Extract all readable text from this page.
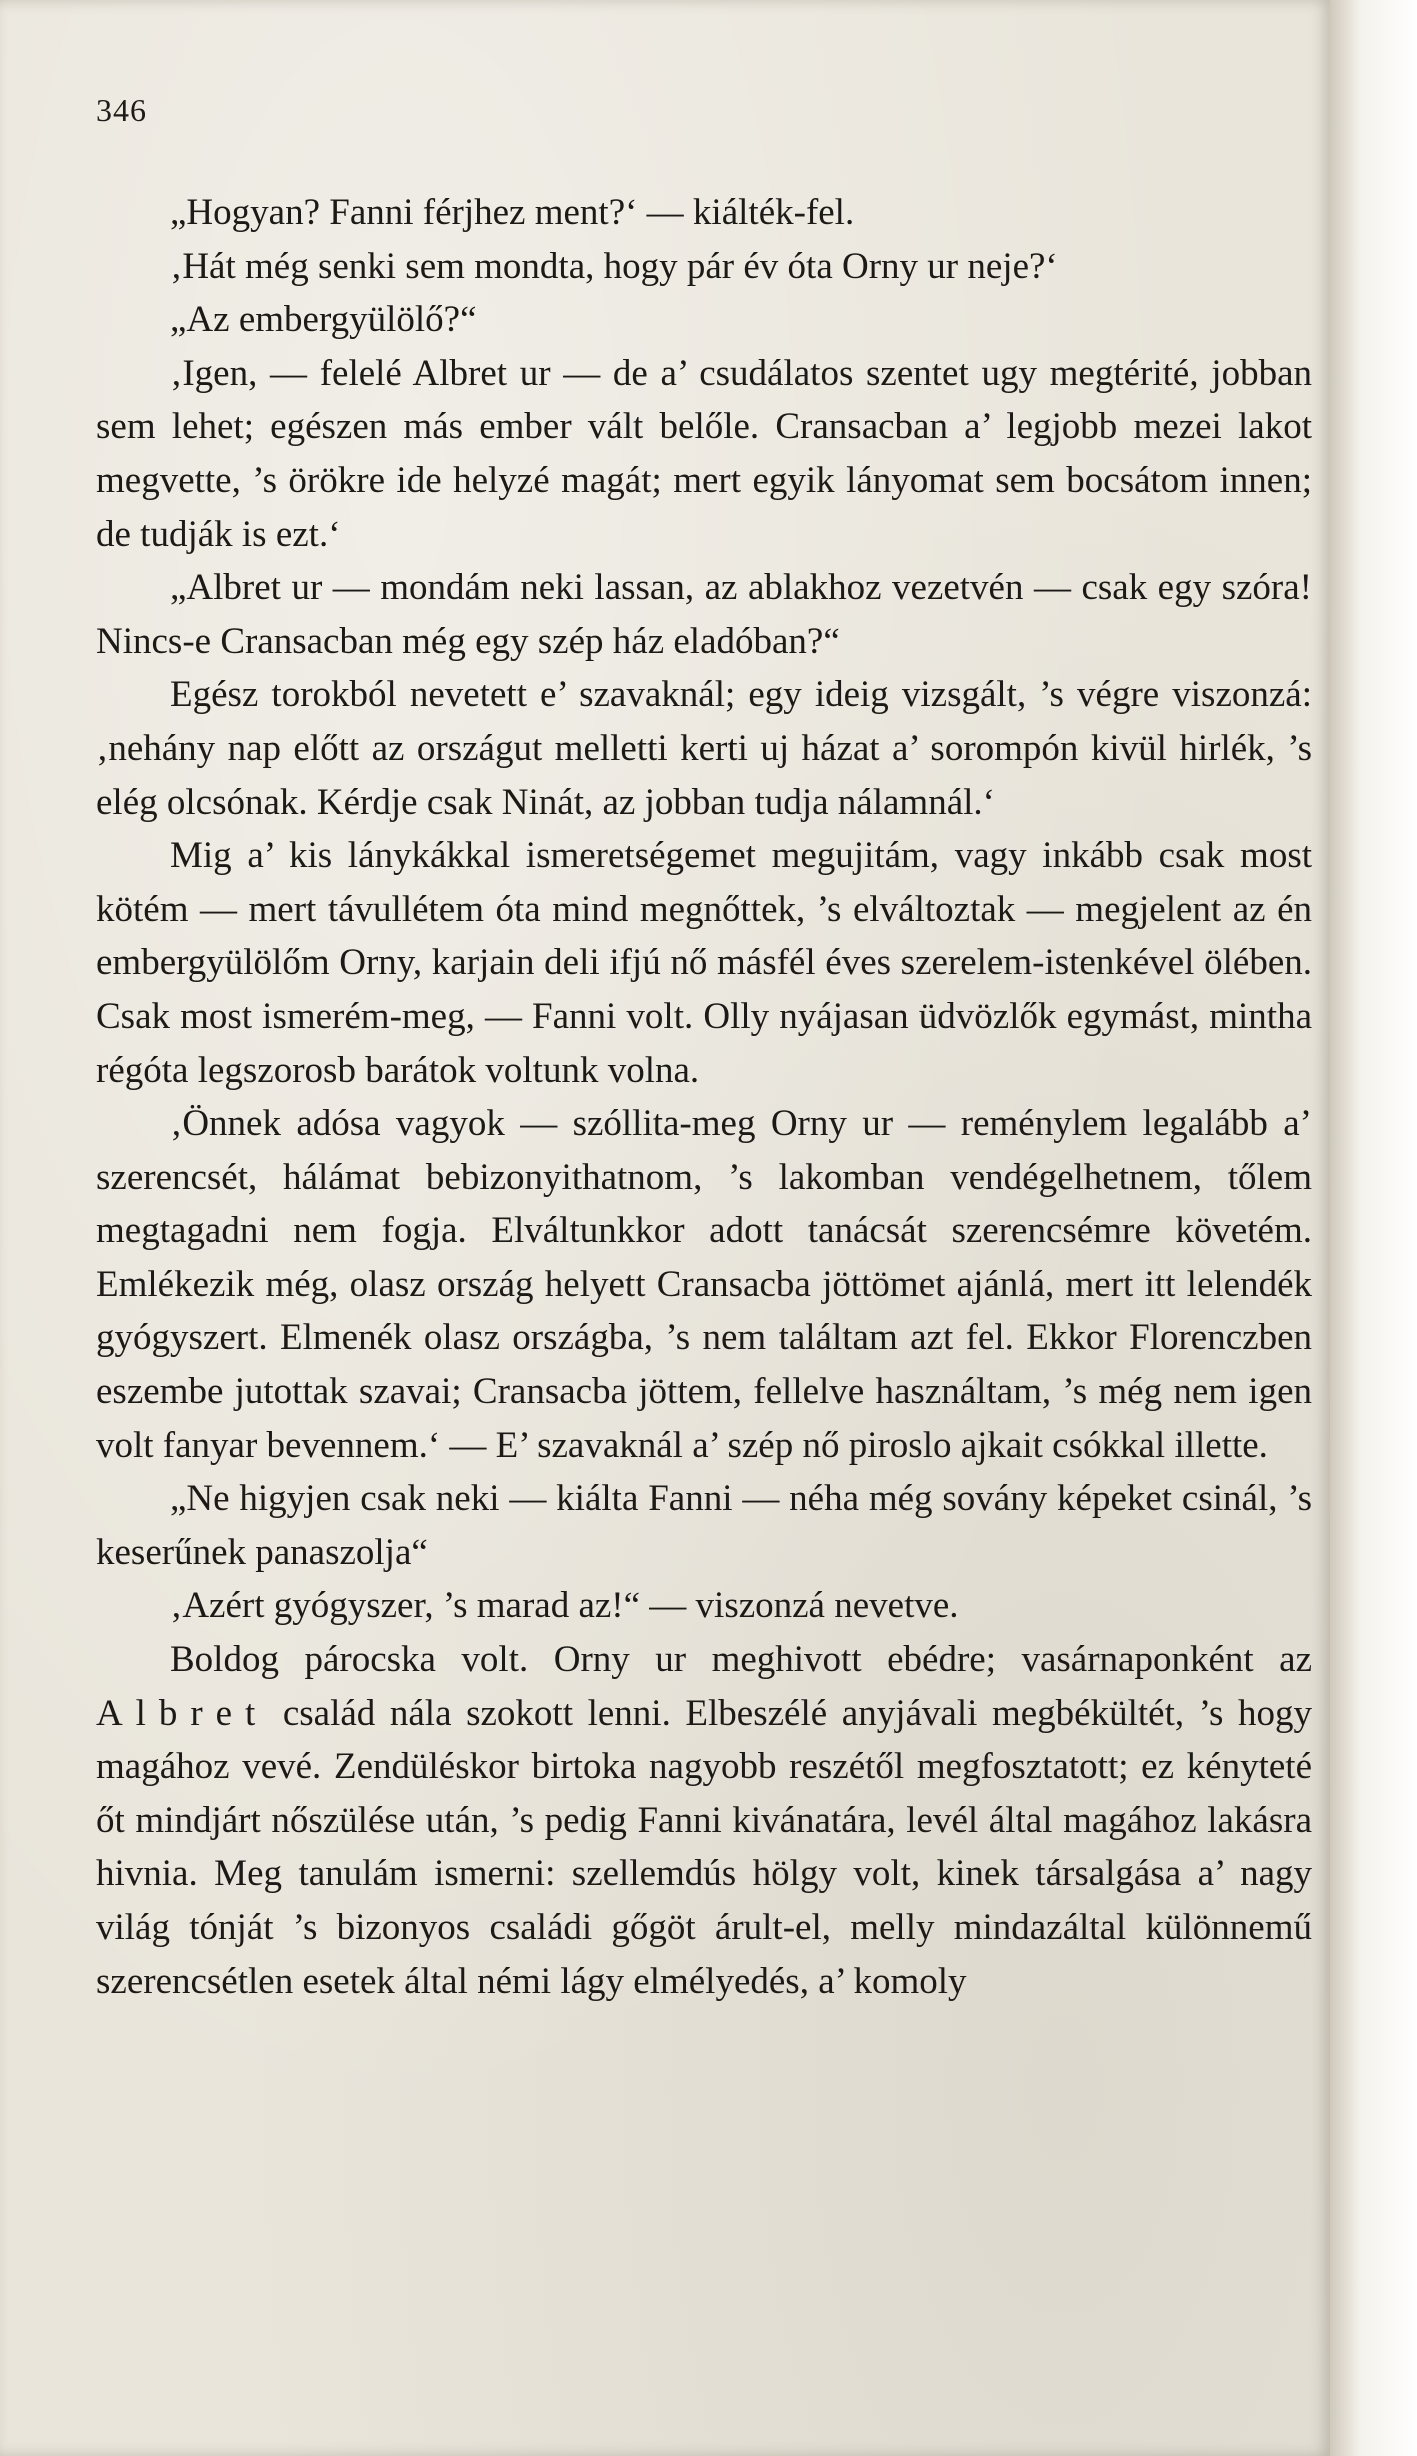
346

„Hogyan? Fanni férjhez ment?‘ — kiálték-fel.

‚Hát még senki sem mondta, hogy pár év óta Orny ur neje?‘

„Az embergyülölő?“

‚Igen, — felelé Albret ur — de a’ csudálatos szentet ugy megtérité, jobban sem lehet; egészen más ember vált belőle. Cransacban a’ legjobb mezei lakot megvette, ’s örökre ide helyzé magát; mert egyik lányomat sem bocsátom innen; de tudják is ezt.‘

„Albret ur — mondám neki lassan, az ablakhoz vezetvén — csak egy szóra! Nincs-e Cransacban még egy szép ház eladóban?“

Egész torokból nevetett e’ szavaknál; egy ideig vizsgált, ’s végre viszonzá: ‚nehány nap előtt az országut melletti kerti uj házat a’ sorompón kivül hirlék, ’s elég olcsónak. Kérdje csak Ninát, az jobban tudja nálamnál.‘

Mig a’ kis lánykákkal ismeretségemet megujitám, vagy inkább csak most kötém — mert távullétem óta mind megnőttek, ’s elváltoztak — megjelent az én embergyülölőm Orny, karjain deli ifjú nő másfél éves szerelem-istenkével ölében. Csak most ismerém-meg, — Fanni volt. Olly nyájasan üdvözlők egymást, mintha régóta legszorosb barátok voltunk volna.

‚Önnek adósa vagyok — szóllita-meg Orny ur — reménylem legalább a’ szerencsét, hálámat bebizonyithatnom, ’s lakomban vendégelhetnem, tőlem megtagadni nem fogja. Elváltunkkor adott tanácsát szerencsémre követém. Emlékezik még, olasz ország helyett Cransacba jöttömet ajánlá, mert itt lelendék gyógyszert. Elmenék olasz országba, ’s nem találtam azt fel. Ekkor Florenczben eszembe jutottak szavai; Cransacba jöttem, fellelve használtam, ’s még nem igen volt fanyar bevennem.‘ — E’ szavaknál a’ szép nő piroslo ajkait csókkal illette.

„Ne higyjen csak neki — kiálta Fanni — néha még sovány képeket csinál, ’s keserűnek panaszolja“

‚Azért gyógyszer, ’s marad az!“ — viszonzá nevetve.

Boldog párocska volt. Orny ur meghivott ebédre; vasárnaponként az Albret család nála szokott lenni. Elbeszélé anyjávali megbékültét, ’s hogy magához vevé. Zendüléskor birtoka nagyobb reszétől megfosztatott; ez kényteté őt mindjárt nőszülése után, ’s pedig Fanni kivánatára, levél által magához lakásra hivnia. Meg tanulám ismerni: szellemdús hölgy volt, kinek társalgása a’ nagy világ tónját ’s bizonyos családi gőgöt árult-el, melly mindazáltal különnemű szerencsétlen esetek által némi lágy elmélyedés, a’ komoly
